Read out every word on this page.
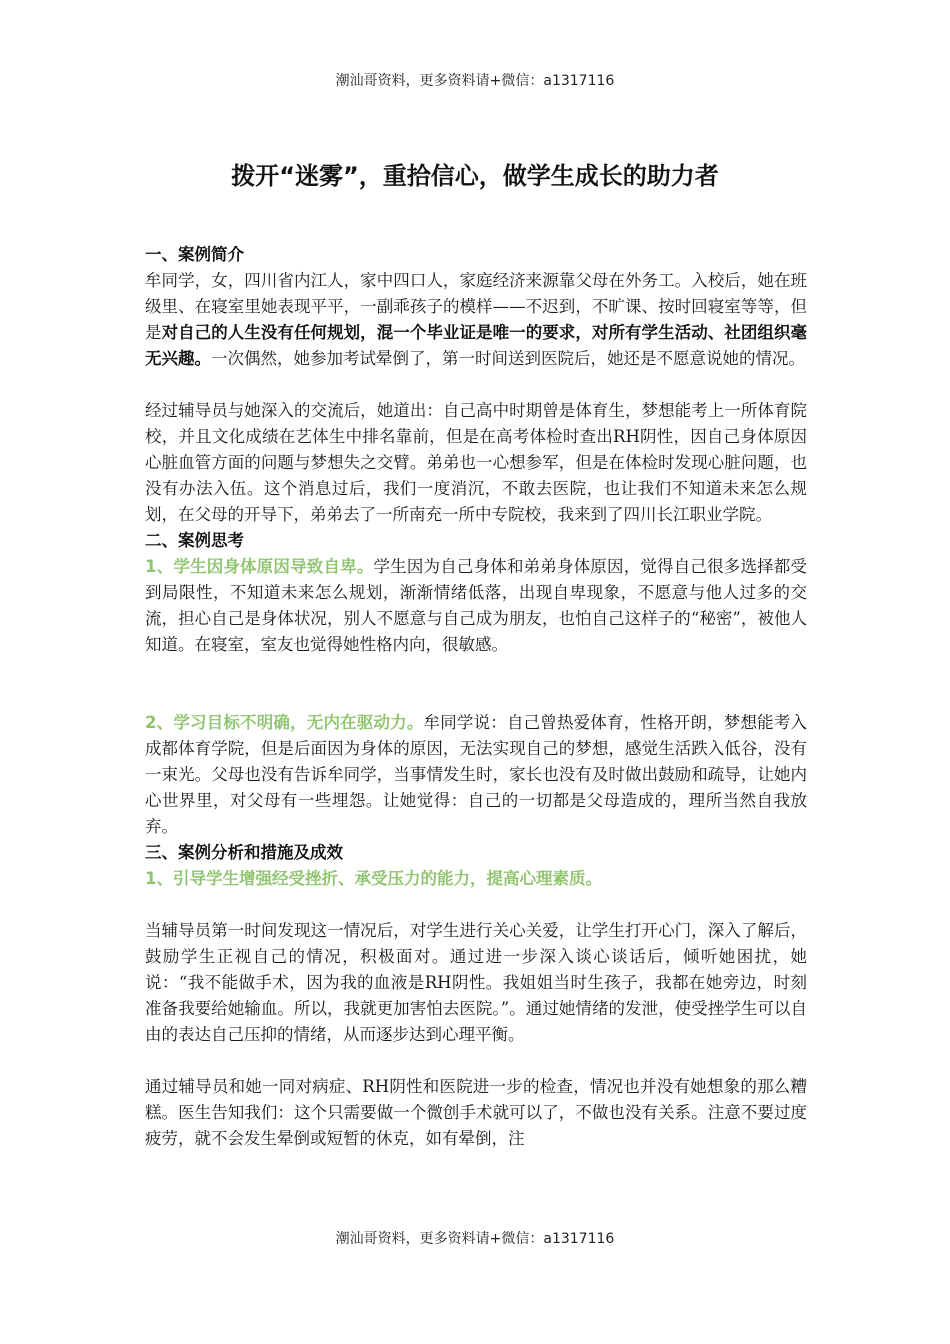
潮汕哥资料，更多资料请+微信：a1317116
拨开“迷雾”，重拾信心，做学生成长的助力者

一、案例简介

牟同学，女，四川省内江人，家中四口人，家庭经济来源靠父母在外务工。入校后，她在班级里、在寝室里她表现平平，一副乖孩子的模样——不迟到，不旷课、按时回寝室等等，但是对自己的人生没有任何规划，混一个毕业证是唯一的要求，对所有学生活动、社团组织毫无兴趣。一次偶然，她参加考试晕倒了，第一时间送到医院后，她还是不愿意说她的情况。

经过辅导员与她深入的交流后，她道出：自己高中时期曾是体育生，梦想能考上一所体育院校，并且文化成绩在艺体生中排名靠前，但是在高考体检时查出RH阴性，因自己身体原因心脏血管方面的问题与梦想失之交臂。弟弟也一心想参军，但是在体检时发现心脏问题，也没有办法入伍。这个消息过后，我们一度消沉，不敢去医院，也让我们不知道未来怎么规划，在父母的开导下，弟弟去了一所南充一所中专院校，我来到了四川长江职业学院。

二、案例思考

1、学生因身体原因导致自卑。学生因为自己身体和弟弟身体原因，觉得自己很多选择都受到局限性，不知道未来怎么规划，渐渐情绪低落，出现自卑现象，不愿意与他人过多的交流，担心自己是身体状况，别人不愿意与自己成为朋友，也怕自己这样子的“秘密”，被他人知道。在寝室，室友也觉得她性格内向，很敏感。

2、学习目标不明确，无内在驱动力。牟同学说：自己曾热爱体育，性格开朗，梦想能考入成都体育学院，但是后面因为身体的原因，无法实现自己的梦想，感觉生活跌入低谷，没有一束光。父母也没有告诉牟同学，当事情发生时，家长也没有及时做出鼓励和疏导，让她内心世界里，对父母有一些埋怨。让她觉得：自己的一切都是父母造成的，理所当然自我放弃。

三、案例分析和措施及成效

1、引导学生增强经受挫折、承受压力的能力，提高心理素质。

当辅导员第一时间发现这一情况后，对学生进行关心关爱，让学生打开心门，深入了解后，鼓励学生正视自己的情况，积极面对。通过进一步深入谈心谈话后，倾听她困扰，她说：“我不能做手术，因为我的血液是RH阴性。我姐姐当时生孩子，我都在她旁边，时刻准备我要给她输血。所以，我就更加害怕去医院。”。通过她情绪的发泄，使受挫学生可以自由的表达自己压抑的情绪，从而逐步达到心理平衡。

通过辅导员和她一同对病症、RH阴性和医院进一步的检查，情况也并没有她想象的那么糟糕。医生告知我们：这个只需要做一个微创手术就可以了，不做也没有关系。注意不要过度疲劳，就不会发生晕倒或短暂的休克，如有晕倒，注

潮汕哥资料，更多资料请+微信：a1317116
